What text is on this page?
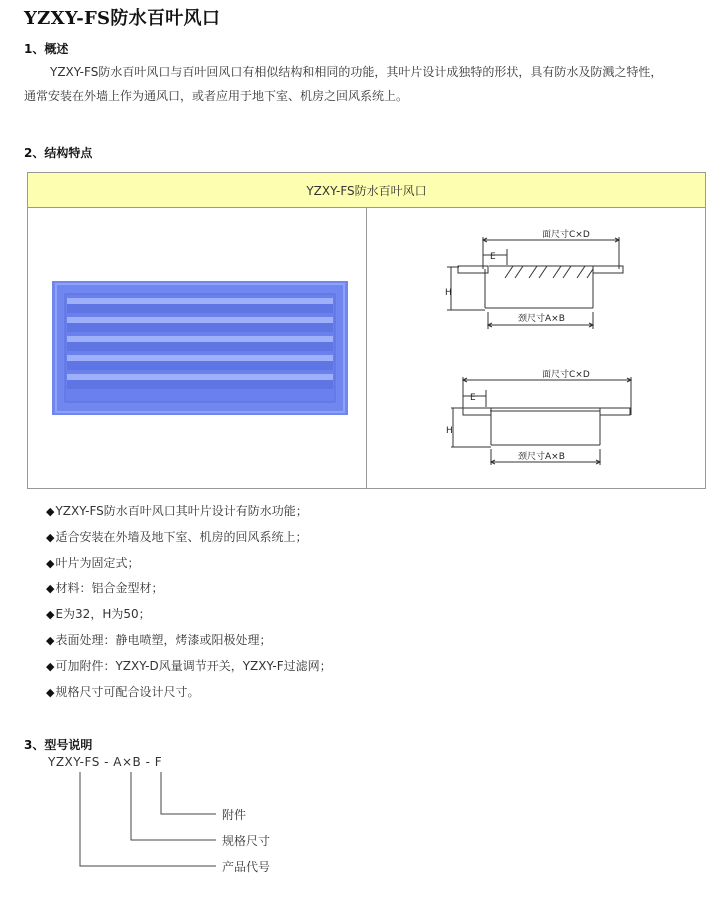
YZXY-FS防水百叶风口
1、概述
YZXY-FS防水百叶风口与百叶回风口有相似结构和相同的功能，其叶片设计成独特的形状，具有防水及防溅之特性，
通常安装在外墙上作为通风口，或者应用于地下室、机房之回风系统上。
2、结构特点
YZXY-FS防水百叶风口
面尺寸C×D
E
H
颈尺寸A×B
面尺寸C×D
E
H
颈尺寸A×B
◆YZXY-FS防水百叶风口其叶片设计有防水功能；
◆适合安装在外墙及地下室、机房的回风系统上；
◆叶片为固定式；
◆材料：铝合金型材；
◆E为32，H为50；
◆表面处理：静电喷塑，烤漆或阳极处理；
◆可加附件：YZXY-D风量调节开关，YZXY-F过滤网；
◆规格尺寸可配合设计尺寸。
3、型号说明
YZXY-FS - A×B - F
附件
规格尺寸
产品代号
